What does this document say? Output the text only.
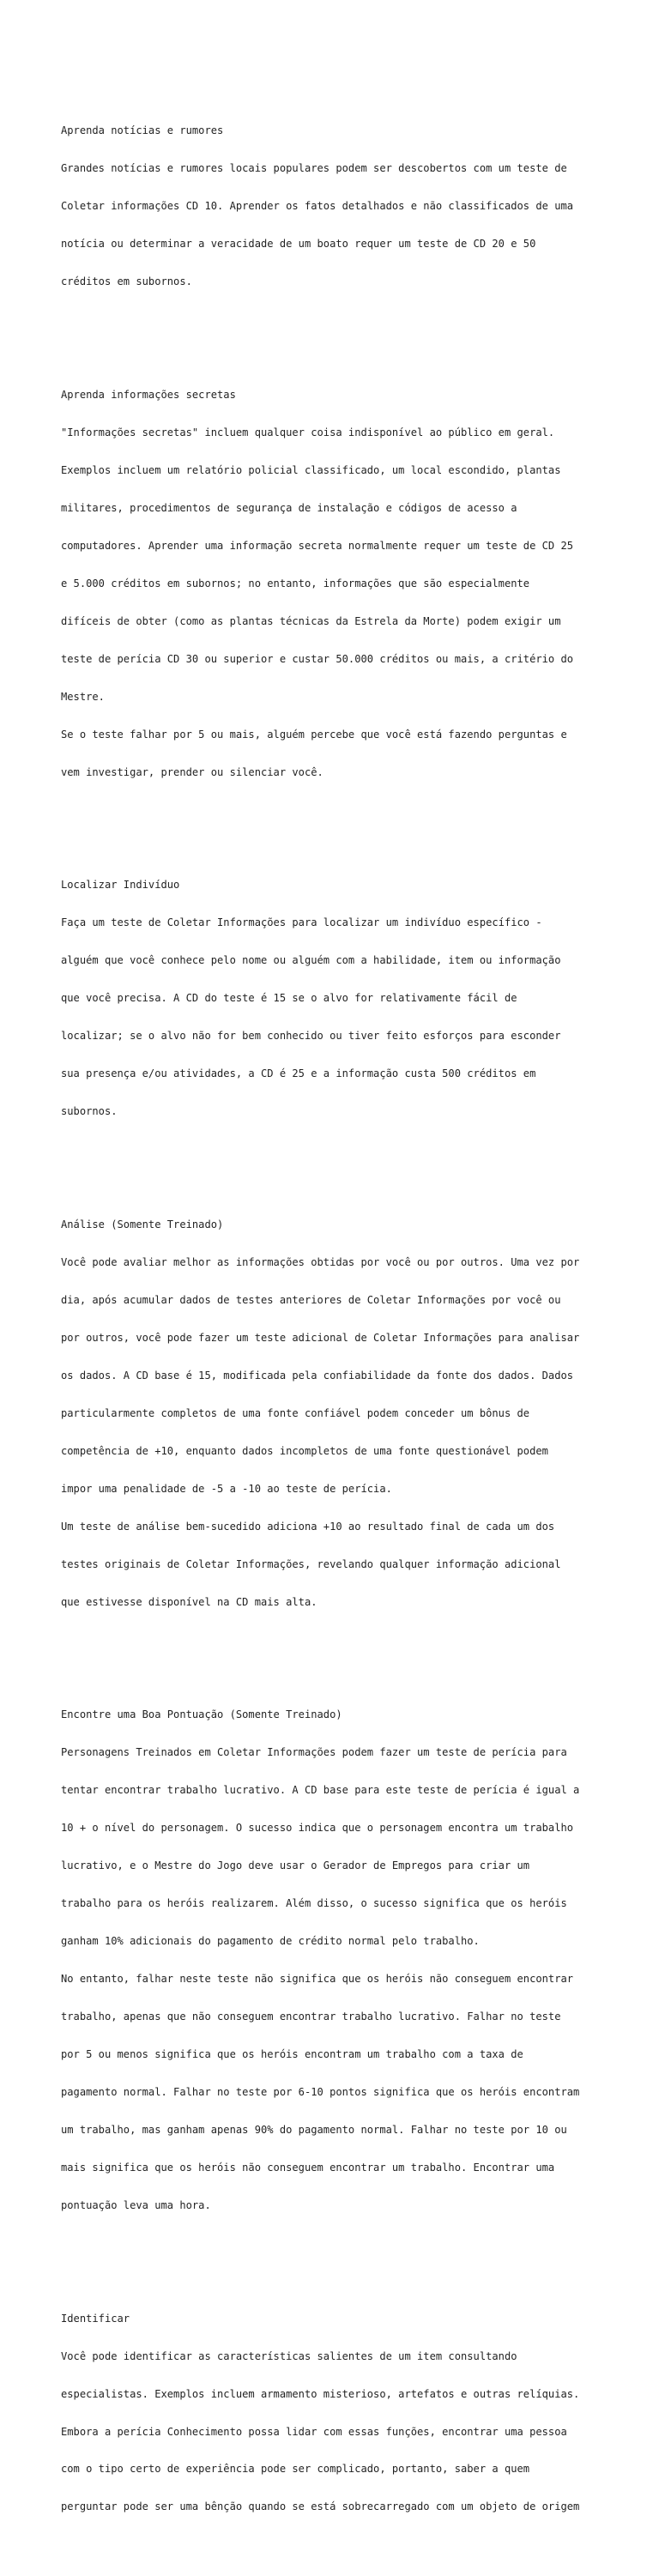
Aprenda notícias e rumores

Grandes notícias e rumores locais populares podem ser descobertos com um teste de

Coletar informações CD 10. Aprender os fatos detalhados e não classificados de uma

notícia ou determinar a veracidade de um boato requer um teste de CD 20 e 50

créditos em subornos.

Aprenda informações secretas

"Informações secretas" incluem qualquer coisa indisponível ao público em geral.

Exemplos incluem um relatório policial classificado, um local escondido, plantas

militares, procedimentos de segurança de instalação e códigos de acesso a

computadores. Aprender uma informação secreta normalmente requer um teste de CD 25

e 5.000 créditos em subornos; no entanto, informações que são especialmente

difíceis de obter (como as plantas técnicas da Estrela da Morte) podem exigir um

teste de perícia CD 30 ou superior e custar 50.000 créditos ou mais, a critério do

Mestre.

Se o teste falhar por 5 ou mais, alguém percebe que você está fazendo perguntas e

vem investigar, prender ou silenciar você.

Localizar Indivíduo

Faça um teste de Coletar Informações para localizar um indivíduo específico -

alguém que você conhece pelo nome ou alguém com a habilidade, item ou informação

que você precisa. A CD do teste é 15 se o alvo for relativamente fácil de

localizar; se o alvo não for bem conhecido ou tiver feito esforços para esconder

sua presença e/ou atividades, a CD é 25 e a informação custa 500 créditos em

subornos.

Análise (Somente Treinado)

Você pode avaliar melhor as informações obtidas por você ou por outros. Uma vez por

dia, após acumular dados de testes anteriores de Coletar Informações por você ou

por outros, você pode fazer um teste adicional de Coletar Informações para analisar

os dados. A CD base é 15, modificada pela confiabilidade da fonte dos dados. Dados

particularmente completos de uma fonte confiável podem conceder um bônus de

competência de +10, enquanto dados incompletos de uma fonte questionável podem

impor uma penalidade de -5 a -10 ao teste de perícia.

Um teste de análise bem-sucedido adiciona +10 ao resultado final de cada um dos

testes originais de Coletar Informações, revelando qualquer informação adicional

que estivesse disponível na CD mais alta.

Encontre uma Boa Pontuação (Somente Treinado)

Personagens Treinados em Coletar Informações podem fazer um teste de perícia para

tentar encontrar trabalho lucrativo. A CD base para este teste de perícia é igual a

10 + o nível do personagem. O sucesso indica que o personagem encontra um trabalho

lucrativo, e o Mestre do Jogo deve usar o Gerador de Empregos para criar um

trabalho para os heróis realizarem. Além disso, o sucesso significa que os heróis

ganham 10% adicionais do pagamento de crédito normal pelo trabalho.

No entanto, falhar neste teste não significa que os heróis não conseguem encontrar

trabalho, apenas que não conseguem encontrar trabalho lucrativo. Falhar no teste

por 5 ou menos significa que os heróis encontram um trabalho com a taxa de

pagamento normal. Falhar no teste por 6-10 pontos significa que os heróis encontram

um trabalho, mas ganham apenas 90% do pagamento normal. Falhar no teste por 10 ou

mais significa que os heróis não conseguem encontrar um trabalho. Encontrar uma

pontuação leva uma hora.

Identificar

Você pode identificar as características salientes de um item consultando

especialistas. Exemplos incluem armamento misterioso, artefatos e outras relíquias.

Embora a perícia Conhecimento possa lidar com essas funções, encontrar uma pessoa

com o tipo certo de experiência pode ser complicado, portanto, saber a quem

perguntar pode ser uma bênção quando se está sobrecarregado com um objeto de origem
